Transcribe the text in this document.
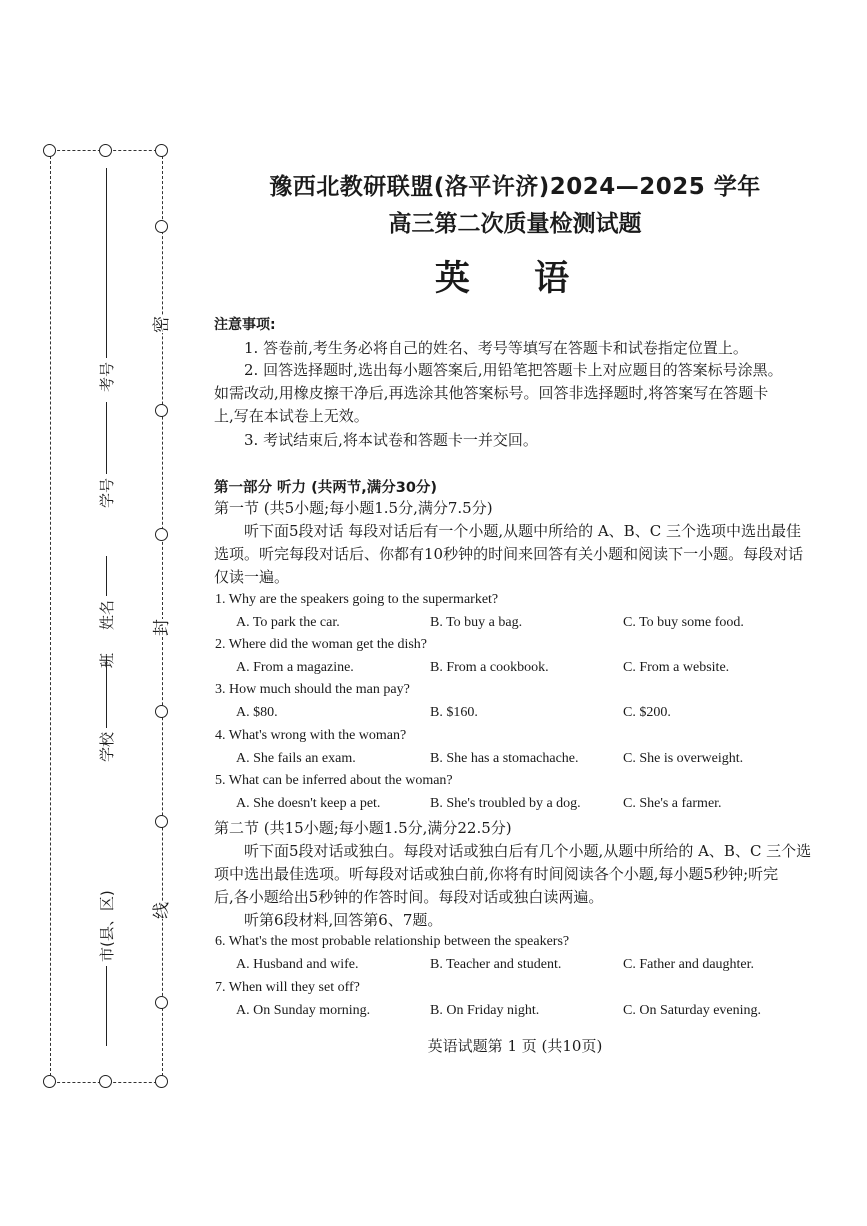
密
封
线
考号
学号
姓名
班
学校
市(县、区)
豫西北教研联盟(洛平许济)2024—2025 学年
高三第二次质量检测试题
英 语
注意事项:
1. 答卷前,考生务必将自己的姓名、考号等填写在答题卡和试卷指定位置上。
2. 回答选择题时,选出每小题答案后,用铅笔把答题卡上对应题目的答案标号涂黑。
如需改动,用橡皮擦干净后,再选涂其他答案标号。回答非选择题时,将答案写在答题卡
上,写在本试卷上无效。
3. 考试结束后,将本试卷和答题卡一并交回。
第一部分 听力 (共两节,满分30分)
第一节 (共5小题;每小题1.5分,满分7.5分)
听下面5段对话 每段对话后有一个小题,从题中所给的 A、B、C 三个选项中选出最佳
选项。听完每段对话后、你都有10秒钟的时间来回答有关小题和阅读下一小题。每段对话
仅读一遍。
1. Why are the speakers going to the supermarket?
A. To park the car.	B. To buy a bag.	C. To buy some food.
2. Where did the woman get the dish?
A. From a magazine.	B. From a cookbook.	C. From a website.
3. How much should the man pay?
A. $80.	B. $160.	C. $200.
4. What's wrong with the woman?
A. She fails an exam.	B. She has a stomachache.	C. She is overweight.
5. What can be inferred about the woman?
A. She doesn't keep a pet.	B. She's troubled by a dog.	C. She's a farmer.
第二节 (共15小题;每小题1.5分,满分22.5分)
听下面5段对话或独白。每段对话或独白后有几个小题,从题中所给的 A、B、C 三个选
项中选出最佳选项。听每段对话或独白前,你将有时间阅读各个小题,每小题5秒钟;听完
后,各小题给出5秒钟的作答时间。每段对话或独白读两遍。
听第6段材料,回答第6、7题。
6. What's the most probable relationship between the speakers?
A. Husband and wife.	B. Teacher and student.	C. Father and daughter.
7. When will they set off?
A. On Sunday morning.	B. On Friday night.	C. On Saturday evening.
英语试题第 1 页 (共10页)
